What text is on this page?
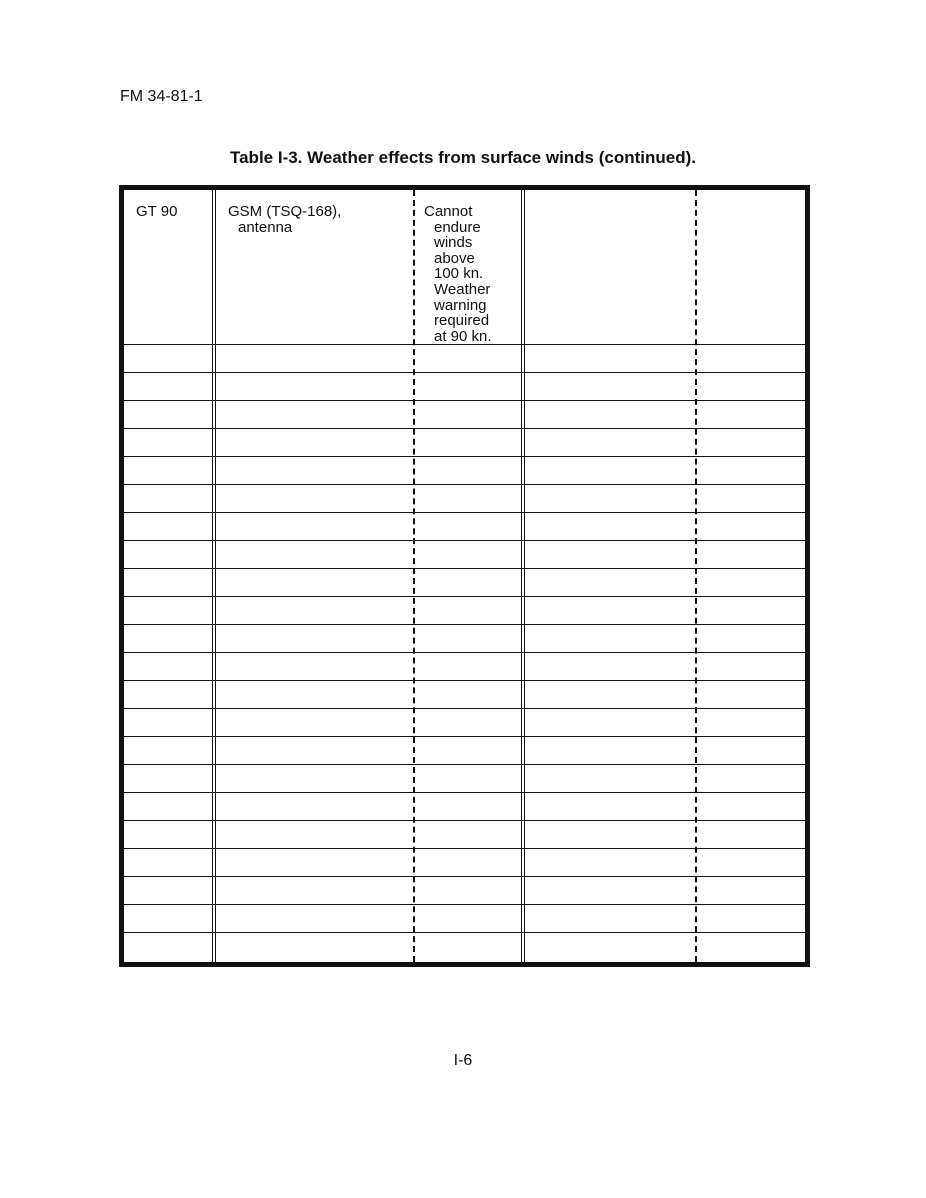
FM 34-81-1
Table I-3. Weather effects from surface winds (continued).
GT 90	GSM (TSQ-168),
antenna
Cannot
endure
winds
above
100 kn.
Weather
warning
required
at 90 kn.
I-6
